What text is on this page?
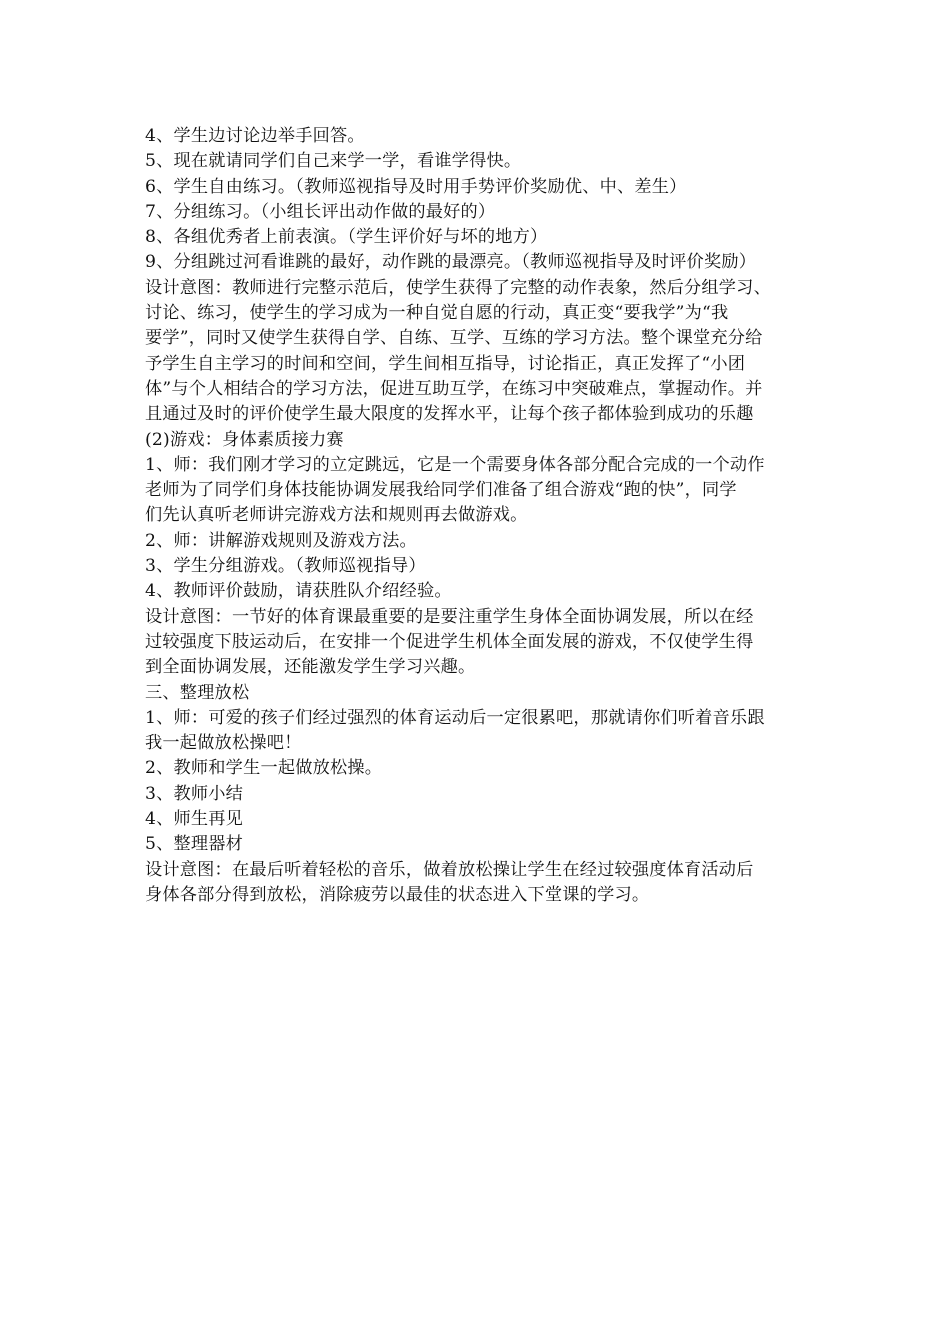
4、学生边讨论边举手回答。
5、现在就请同学们自己来学一学，看谁学得快。
6、学生自由练习。（教师巡视指导及时用手势评价奖励优、中、差生）
7、分组练习。（小组长评出动作做的最好的）
8、各组优秀者上前表演。（学生评价好与坏的地方）
9、分组跳过河看谁跳的最好，动作跳的最漂亮。（教师巡视指导及时评价奖励）
设计意图：教师进行完整示范后，使学生获得了完整的动作表象，然后分组学习、
讨论、练习，使学生的学习成为一种自觉自愿的行动，真正变“要我学”为“我
要学”，同时又使学生获得自学、自练、互学、互练的学习方法。整个课堂充分给
予学生自主学习的时间和空间，学生间相互指导，讨论指正，真正发挥了“小团
体”与个人相结合的学习方法，促进互助互学，在练习中突破难点，掌握动作。并
且通过及时的评价使学生最大限度的发挥水平，让每个孩子都体验到成功的乐趣
(2)游戏：身体素质接力赛
1、师：我们刚才学习的立定跳远，它是一个需要身体各部分配合完成的一个动作
老师为了同学们身体技能协调发展我给同学们准备了组合游戏“跑的快”，同学
们先认真听老师讲完游戏方法和规则再去做游戏。
2、师：讲解游戏规则及游戏方法。
3、学生分组游戏。（教师巡视指导）
4、教师评价鼓励，请获胜队介绍经验。
设计意图：一节好的体育课最重要的是要注重学生身体全面协调发展，所以在经
过较强度下肢运动后，在安排一个促进学生机体全面发展的游戏，不仅使学生得
到全面协调发展，还能激发学生学习兴趣。
三、整理放松
1、师：可爱的孩子们经过强烈的体育运动后一定很累吧，那就请你们听着音乐跟
我一起做放松操吧！
2、教师和学生一起做放松操。
3、教师小结
4、师生再见
5、整理器材
设计意图：在最后听着轻松的音乐，做着放松操让学生在经过较强度体育活动后
身体各部分得到放松，消除疲劳以最佳的状态进入下堂课的学习。
